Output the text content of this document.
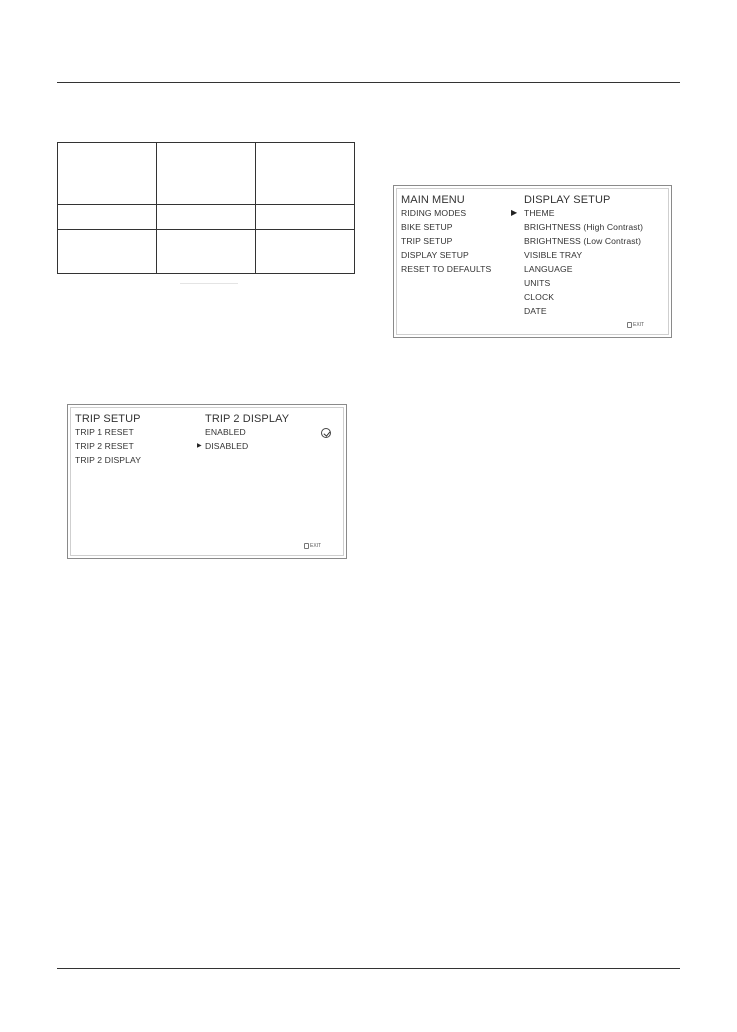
MAIN MENU
RIDING MODES
BIKE SETUP
TRIP SETUP
DISPLAY SETUP
RESET TO DEFAULTS
DISPLAY SETUP
▶ THEME
BRIGHTNESS (High Contrast)
BRIGHTNESS (Low Contrast)
VISIBLE TRAY
LANGUAGE
UNITS
CLOCK
DATE
EXIT
TRIP SETUP
TRIP 1 RESET
TRIP 2 RESET
TRIP 2 DISPLAY
TRIP 2 DISPLAY
ENABLED
▶ DISABLED
EXIT
